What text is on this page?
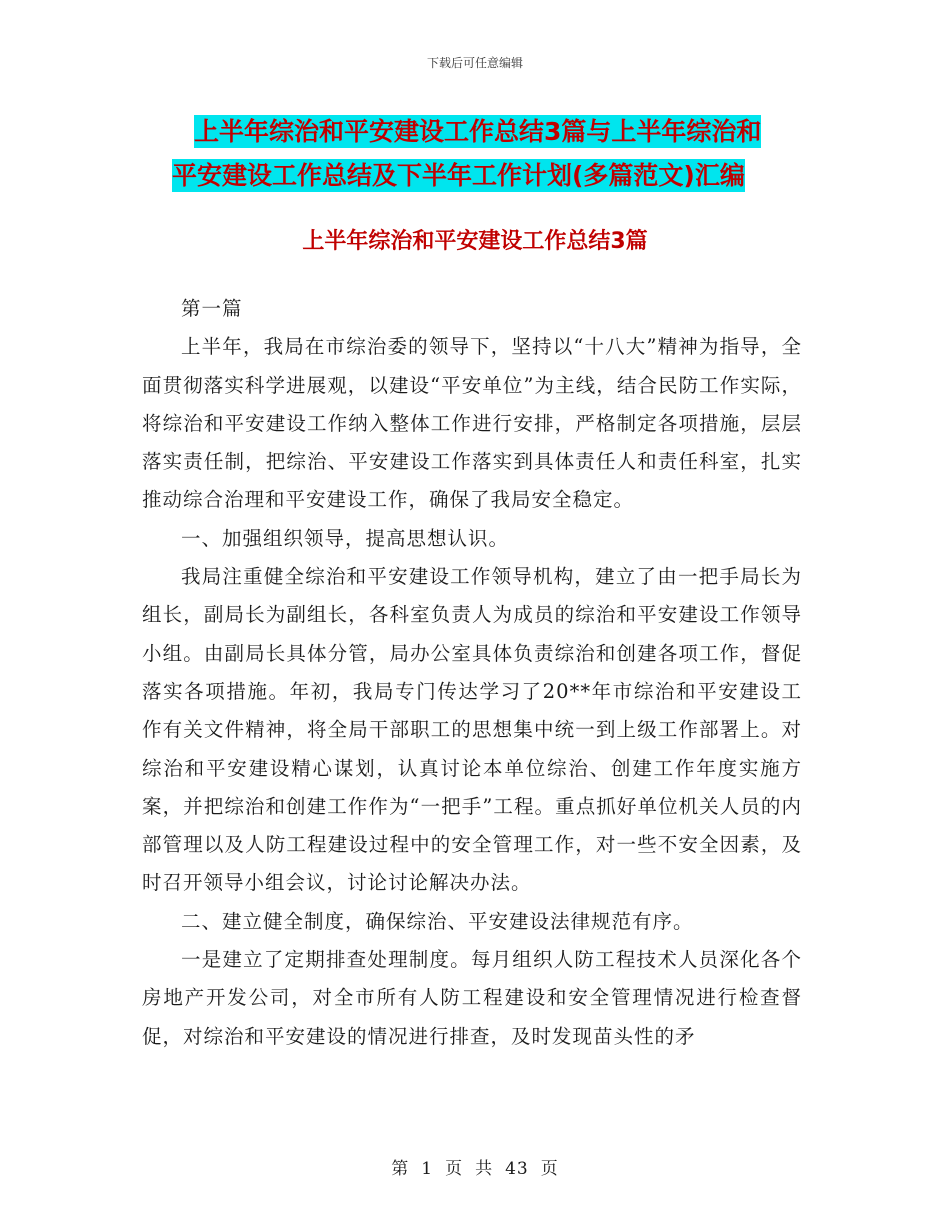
下载后可任意编辑
上半年综治和平安建设工作总结3篇与上半年综治和
平安建设工作总结及下半年工作计划(多篇范文)汇编
上半年综治和平安建设工作总结3篇

第一篇

上半年，我局在市综治委的领导下，坚持以“十八大”精神为指导，全面贯彻落实科学进展观，以建设“平安单位”为主线，结合民防工作实际，将综治和平安建设工作纳入整体工作进行安排，严格制定各项措施，层层落实责任制，把综治、平安建设工作落实到具体责任人和责任科室，扎实推动综合治理和平安建设工作，确保了我局安全稳定。

一、加强组织领导，提高思想认识。

我局注重健全综治和平安建设工作领导机构，建立了由一把手局长为组长，副局长为副组长，各科室负责人为成员的综治和平安建设工作领导小组。由副局长具体分管，局办公室具体负责综治和创建各项工作，督促落实各项措施。年初，我局专门传达学习了20**年市综治和平安建设工作有关文件精神，将全局干部职工的思想集中统一到上级工作部署上。对综治和平安建设精心谋划，认真讨论本单位综治、创建工作年度实施方案，并把综治和创建工作作为“一把手”工程。重点抓好单位机关人员的内部管理以及人防工程建设过程中的安全管理工作，对一些不安全因素，及时召开领导小组会议，讨论讨论解决办法。

二、建立健全制度，确保综治、平安建设法律规范有序。

一是建立了定期排查处理制度。每月组织人防工程技术人员深化各个房地产开发公司，对全市所有人防工程建设和安全管理情况进行检查督促，对综治和平安建设的情况进行排查，及时发现苗头性的矛

第 1 页 共 43 页
